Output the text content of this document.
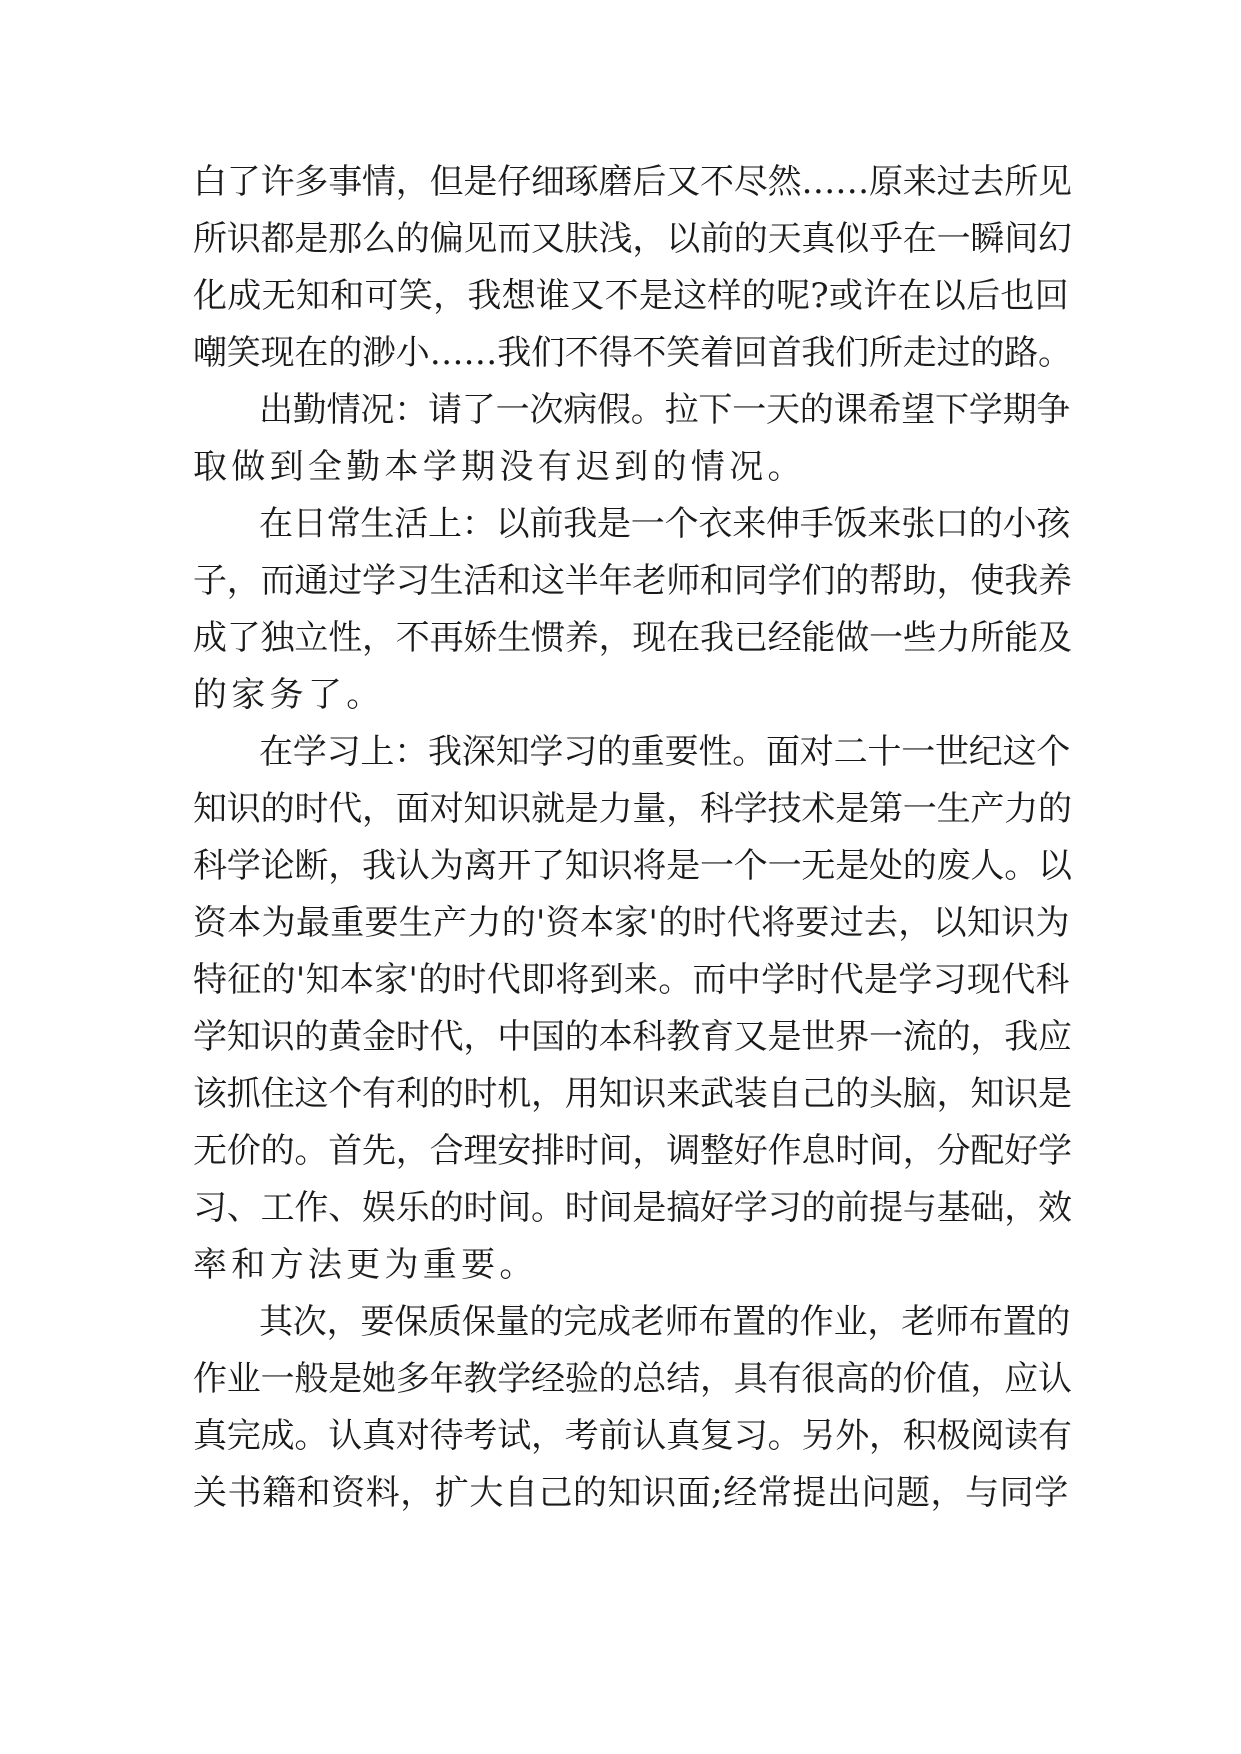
白了许多事情，但是仔细琢磨后又不尽然……原来过去所见
所识都是那么的偏见而又肤浅，以前的天真似乎在一瞬间幻
化成无知和可笑，我想谁又不是这样的呢?或许在以后也回
嘲笑现在的渺小……我们不得不笑着回首我们所走过的路。
出勤情况：请了一次病假。拉下一天的课希望下学期争
取做到全勤本学期没有迟到的情况。
在日常生活上：以前我是一个衣来伸手饭来张口的小孩
子，而通过学习生活和这半年老师和同学们的帮助，使我养
成了独立性，不再娇生惯养，现在我已经能做一些力所能及
的家务了。
在学习上：我深知学习的重要性。面对二十一世纪这个
知识的时代，面对知识就是力量，科学技术是第一生产力的
科学论断，我认为离开了知识将是一个一无是处的废人。以
资本为最重要生产力的'资本家'的时代将要过去，以知识为
特征的'知本家'的时代即将到来。而中学时代是学习现代科
学知识的黄金时代，中国的本科教育又是世界一流的，我应
该抓住这个有利的时机，用知识来武装自己的头脑，知识是
无价的。首先，合理安排时间，调整好作息时间，分配好学
习、工作、娱乐的时间。时间是搞好学习的前提与基础，效
率和方法更为重要。
其次，要保质保量的完成老师布置的作业，老师布置的
作业一般是她多年教学经验的总结，具有很高的价值，应认
真完成。认真对待考试，考前认真复习。另外，积极阅读有
关书籍和资料，扩大自己的知识面;经常提出问题，与同学
